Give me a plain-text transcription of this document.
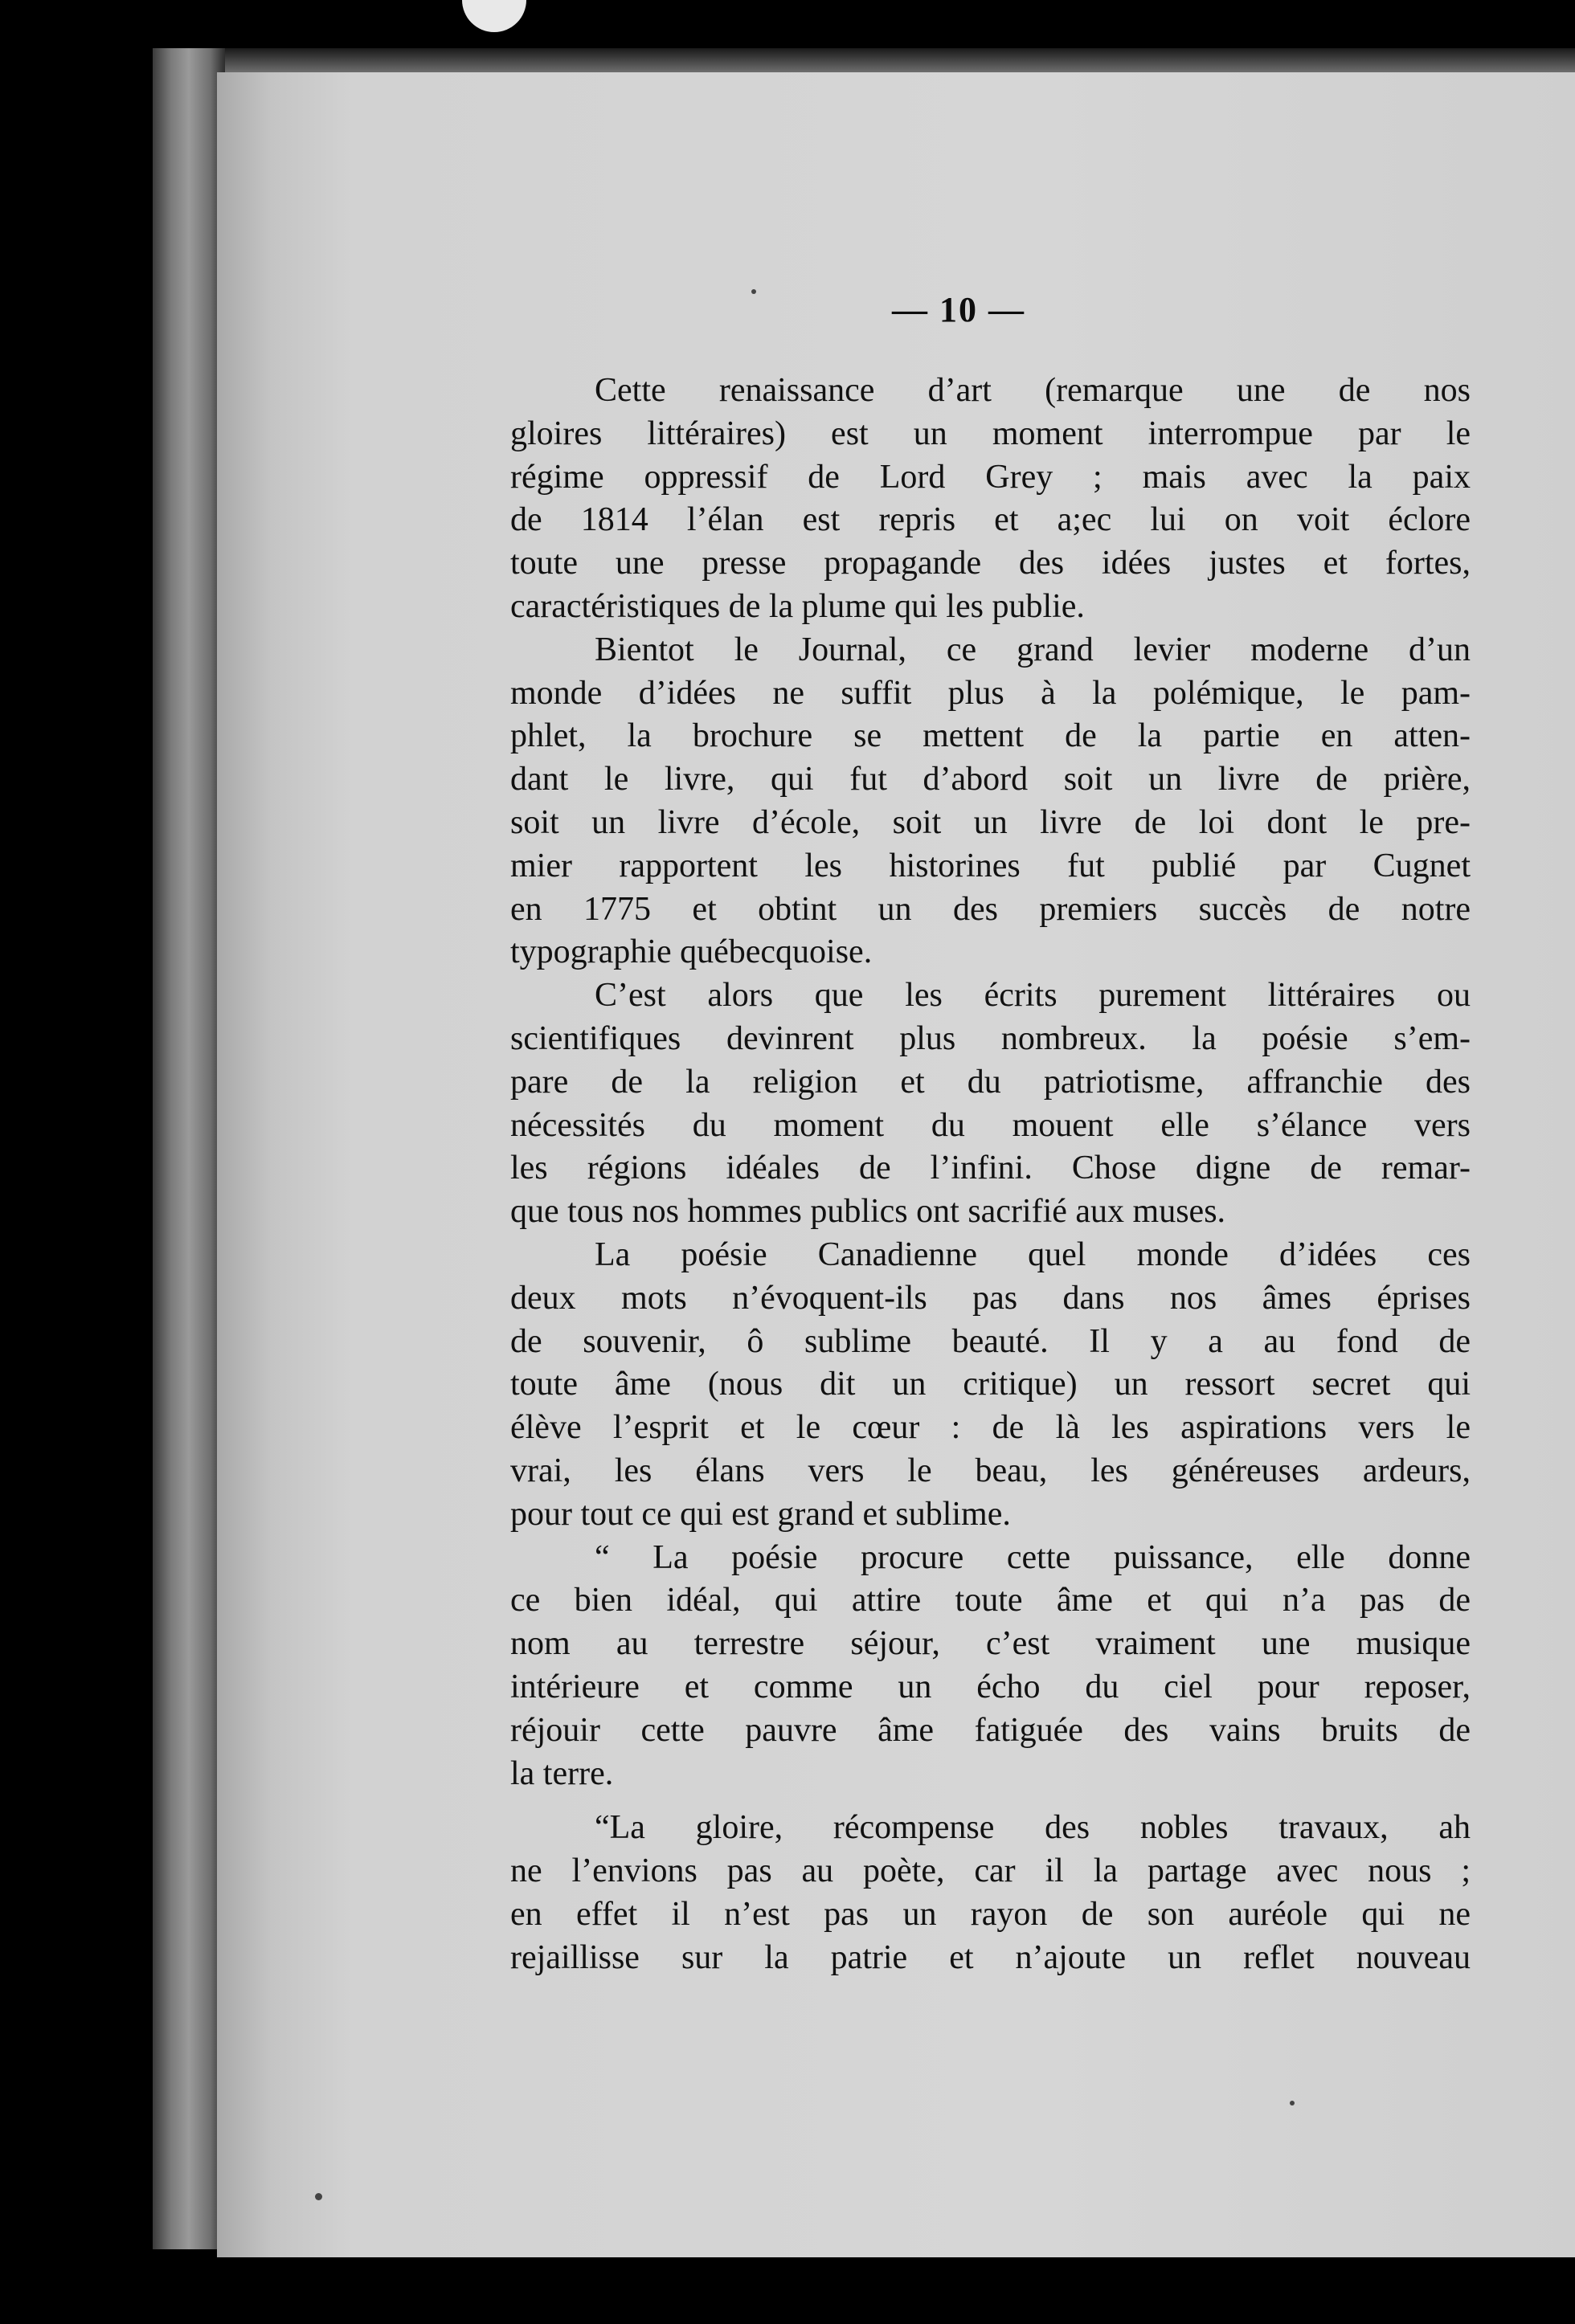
— 10 —
Cette renaissance d’art (remarque une de nos
gloires littéraires) est un moment interrompue par le
régime oppressif de Lord Grey ; mais avec la paix
de 1814 l’élan est repris et a;ec lui on voit éclore
toute une presse propagande des idées justes et fortes,
caractéristiques de la plume qui les publie.
Bientot le Journal, ce grand levier moderne d’un
monde d’idées ne suffit plus à la polémique, le pam-
phlet, la brochure se mettent de la partie en atten-
dant le livre, qui fut d’abord soit un livre de prière,
soit un livre d’école, soit un livre de loi dont le pre-
mier rapportent les historines fut publié par Cugnet
en 1775 et obtint un des premiers succès de notre
typographie québecquoise.
C’est alors que les écrits purement littéraires ou
scientifiques devinrent plus nombreux. la poésie s’em-
pare de la religion et du patriotisme, affranchie des
nécessités du moment du mouent elle s’élance vers
les régions idéales de l’infini. Chose digne de remar-
que tous nos hommes publics ont sacrifié aux muses.
La poésie Canadienne quel monde d’idées ces
deux mots n’évoquent-ils pas dans nos âmes éprises
de souvenir, ô sublime beauté. Il y a au fond de
toute âme (nous dit un critique) un ressort secret qui
élève l’esprit et le cœur : de là les aspirations vers le
vrai, les élans vers le beau, les généreuses ardeurs,
pour tout ce qui est grand et sublime.
“ La poésie procure cette puissance, elle donne
ce bien idéal, qui attire toute âme et qui n’a pas de
nom au terrestre séjour, c’est vraiment une musique
intérieure et comme un écho du ciel pour reposer,
réjouir cette pauvre âme fatiguée des vains bruits de
la terre.
“La gloire, récompense des nobles travaux, ah
ne l’envions pas au poète, car il la partage avec nous ;
en effet il n’est pas un rayon de son auréole qui ne
rejaillisse sur la patrie et n’ajoute un reflet nouveau
